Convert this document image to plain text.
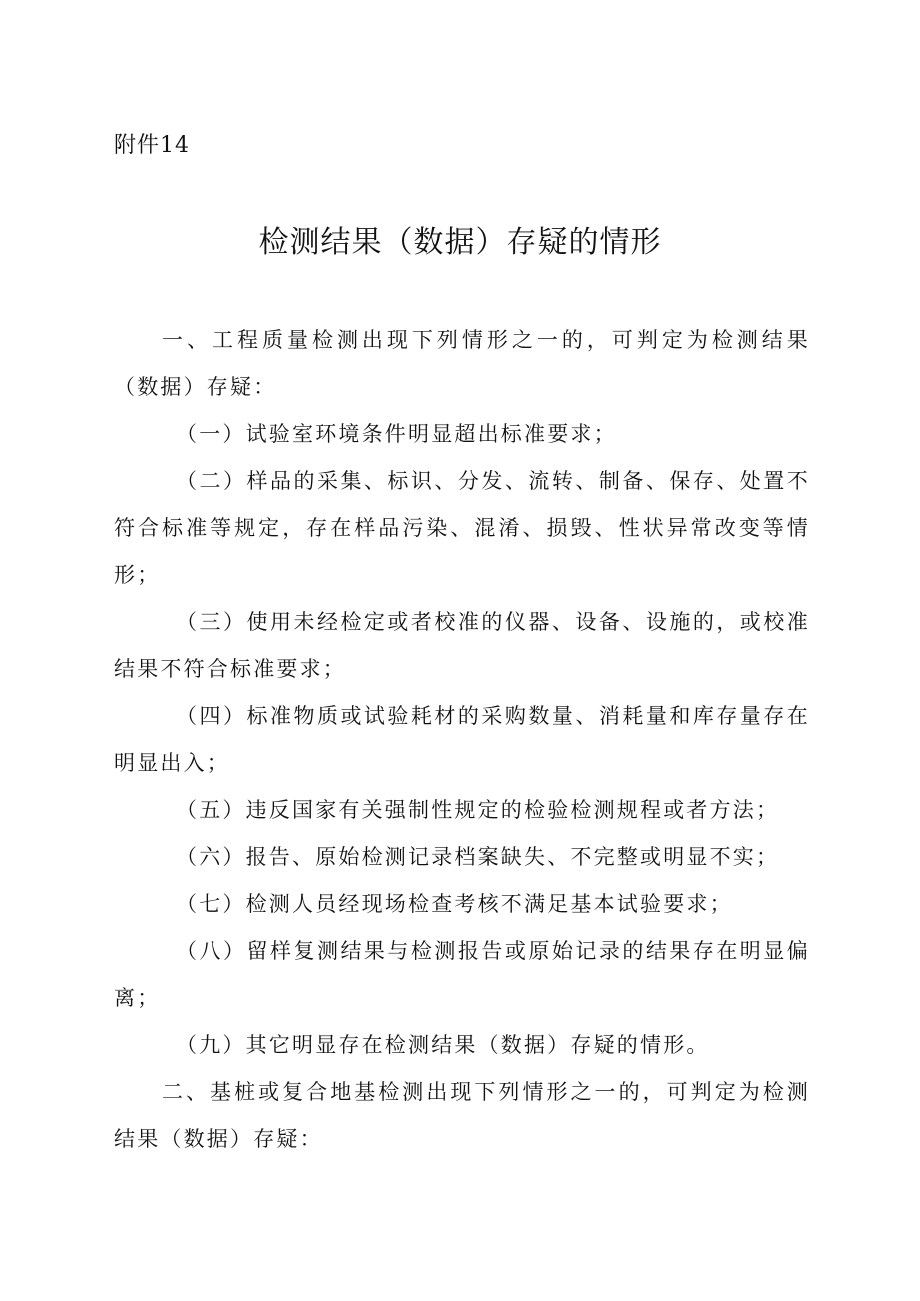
附件14
检测结果（数据）存疑的情形

一、工程质量检测出现下列情形之一的，可判定为检测结果（数据）存疑：

（一）试验室环境条件明显超出标准要求；

（二）样品的采集、标识、分发、流转、制备、保存、处置不符合标准等规定，存在样品污染、混淆、损毁、性状异常改变等情形；

（三）使用未经检定或者校准的仪器、设备、设施的，或校准结果不符合标准要求；

（四）标准物质或试验耗材的采购数量、消耗量和库存量存在明显出入；

（五）违反国家有关强制性规定的检验检测规程或者方法；

（六）报告、原始检测记录档案缺失、不完整或明显不实；

（七）检测人员经现场检查考核不满足基本试验要求；

（八）留样复测结果与检测报告或原始记录的结果存在明显偏离；

（九）其它明显存在检测结果（数据）存疑的情形。

二、基桩或复合地基检测出现下列情形之一的，可判定为检测结果（数据）存疑：
